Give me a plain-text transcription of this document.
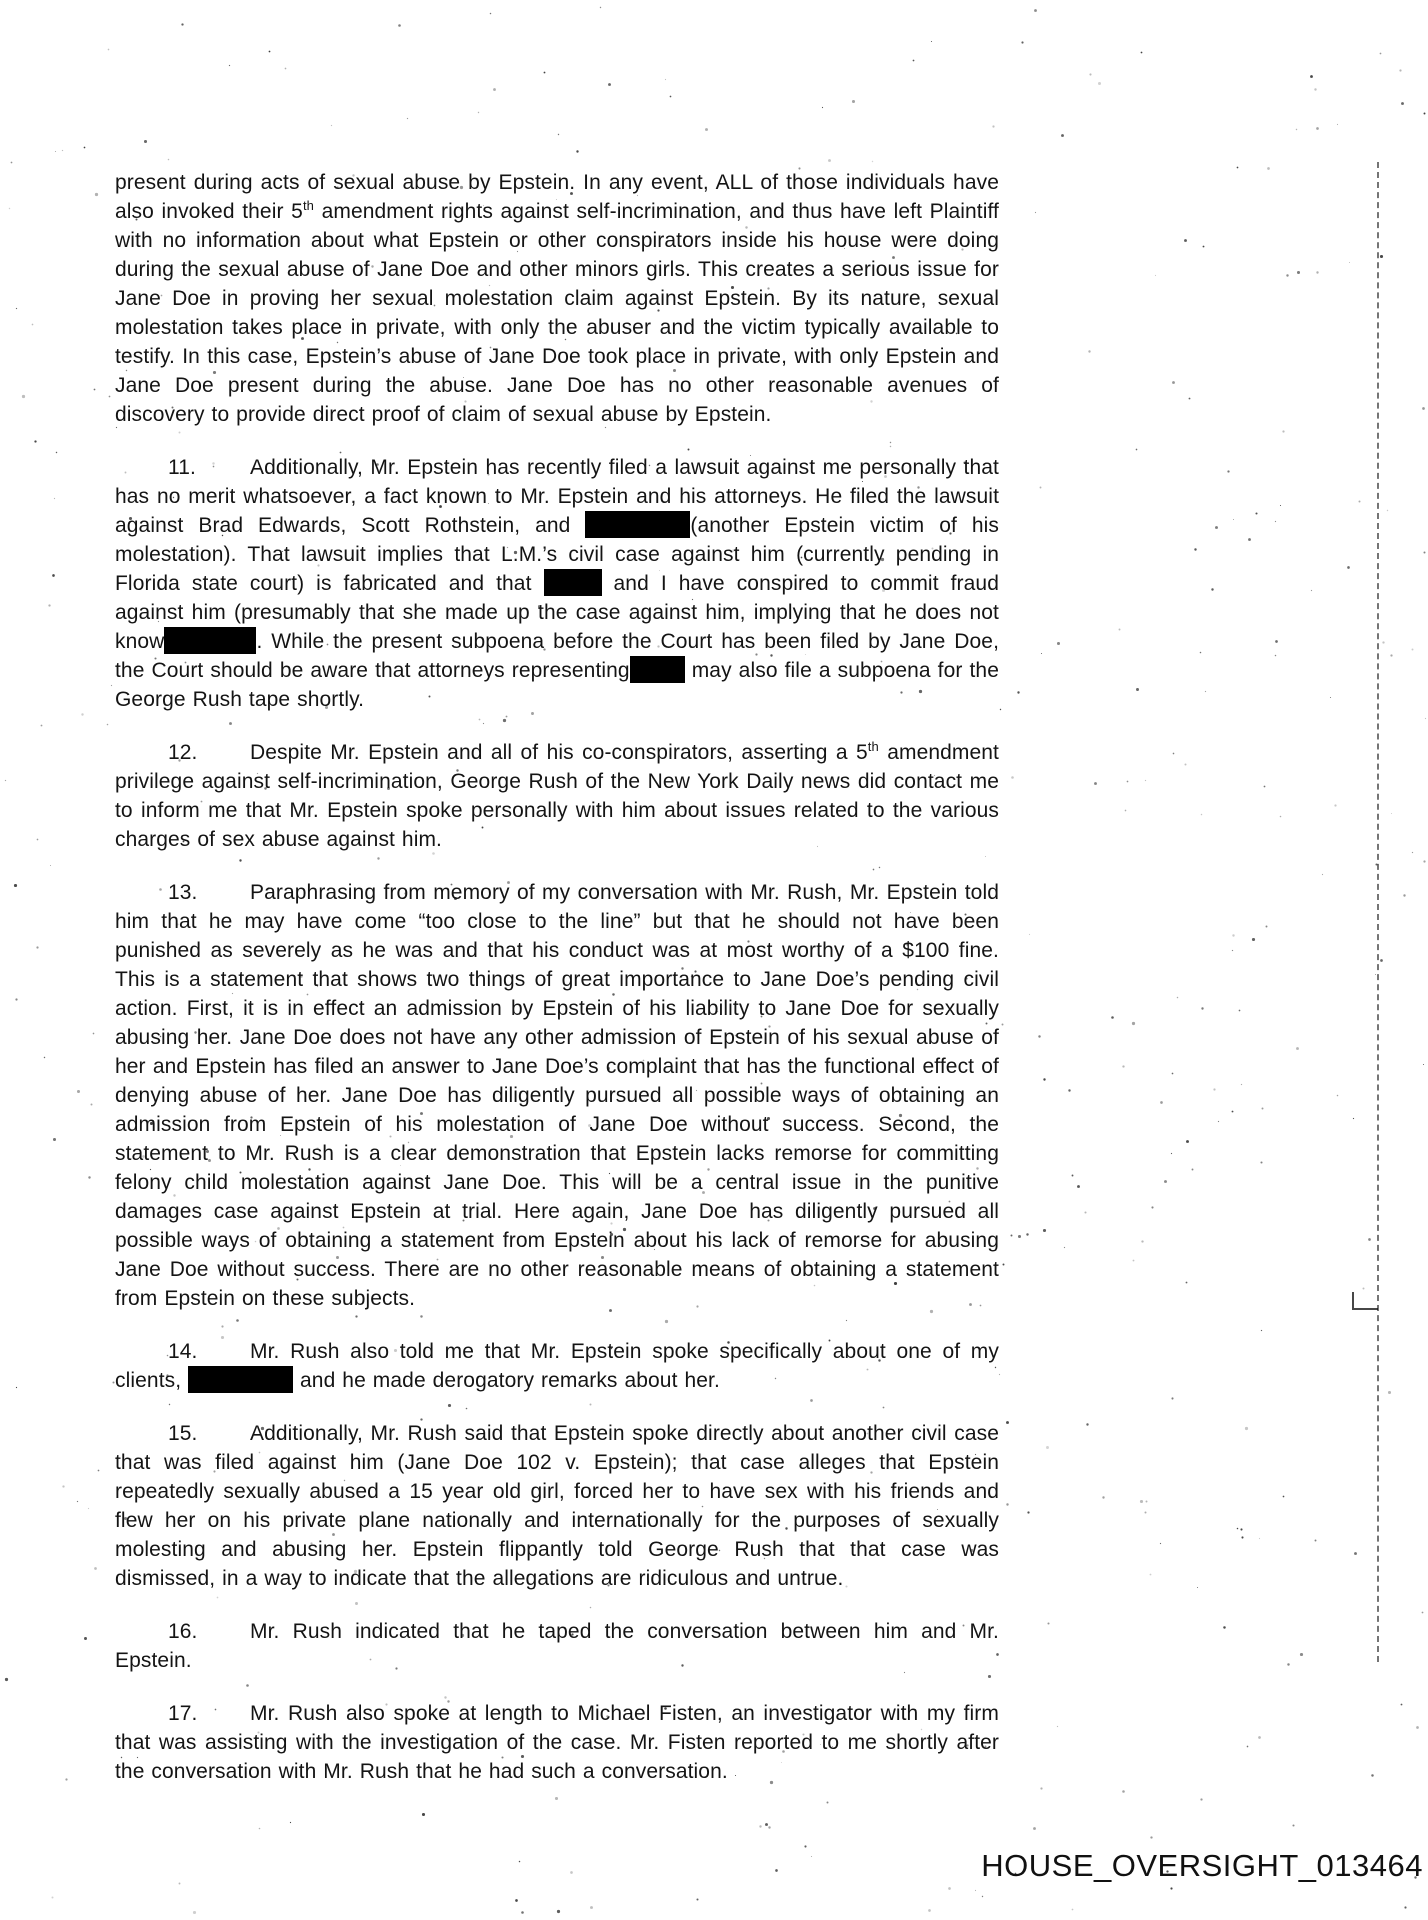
present during acts of sexual abuse by Epstein. In any event, ALL of those individuals have also invoked their 5th amendment rights against self-incrimination, and thus have left Plaintiff with no information about what Epstein or other conspirators inside his house were doing during the sexual abuse of Jane Doe and other minors girls. This creates a serious issue for Jane Doe in proving her sexual molestation claim against Epstein. By its nature, sexual molestation takes place in private, with only the abuser and the victim typically available to testify. In this case, Epstein’s abuse of Jane Doe took place in private, with only Epstein and Jane Doe present during the abuse. Jane Doe has no other reasonable avenues of discovery to provide direct proof of claim of sexual abuse by Epstein.
11.	Additionally, Mr. Epstein has recently filed a lawsuit against me personally that has no merit whatsoever, a fact known to Mr. Epstein and his attorneys. He filed the lawsuit against Brad Edwards, Scott Rothstein, and	(another Epstein victim of his molestation). That lawsuit implies that L.M.’s civil case against him (currently pending in Florida state court) is fabricated and that	and I have conspired to commit fraud against him (presumably that she made up the case against him, implying that he does not know	. While the present subpoena before the Court has been filed by Jane Doe, the Court should be aware that attorneys representing	may also file a subpoena for the George Rush tape shortly.
12.	Despite Mr. Epstein and all of his co-conspirators, asserting a 5th amendment privilege against self-incrimination, George Rush of the New York Daily news did contact me to inform me that Mr. Epstein spoke personally with him about issues related to the various charges of sex abuse against him.
13.	Paraphrasing from memory of my conversation with Mr. Rush, Mr. Epstein told him that he may have come “too close to the line” but that he should not have been punished as severely as he was and that his conduct was at most worthy of a $100 fine. This is a statement that shows two things of great importance to Jane Doe’s pending civil action. First, it is in effect an admission by Epstein of his liability to Jane Doe for sexually abusing her. Jane Doe does not have any other admission of Epstein of his sexual abuse of her and Epstein has filed an answer to Jane Doe’s complaint that has the functional effect of denying abuse of her. Jane Doe has diligently pursued all possible ways of obtaining an admission from Epstein of his molestation of Jane Doe without success. Second, the statement to Mr. Rush is a clear demonstration that Epstein lacks remorse for committing felony child molestation against Jane Doe. This will be a central issue in the punitive damages case against Epstein at trial. Here again, Jane Doe has diligently pursued all possible ways of obtaining a statement from Epstein about his lack of remorse for abusing Jane Doe without success. There are no other reasonable means of obtaining a statement from Epstein on these subjects.
14.	Mr. Rush also told me that Mr. Epstein spoke specifically about one of my clients,	and he made derogatory remarks about her.
15.	Additionally, Mr. Rush said that Epstein spoke directly about another civil case that was filed against him (Jane Doe 102 v. Epstein); that case alleges that Epstein repeatedly sexually abused a 15 year old girl, forced her to have sex with his friends and flew her on his private plane nationally and internationally for the purposes of sexually molesting and abusing her. Epstein flippantly told George Rush that that case was dismissed, in a way to indicate that the allegations are ridiculous and untrue.
16.	Mr. Rush indicated that he taped the conversation between him and Mr. Epstein.
17.	Mr. Rush also spoke at length to Michael Fisten, an investigator with my firm that was assisting with the investigation of the case. Mr. Fisten reported to me shortly after the conversation with Mr. Rush that he had such a conversation.
HOUSE_OVERSIGHT_013464
